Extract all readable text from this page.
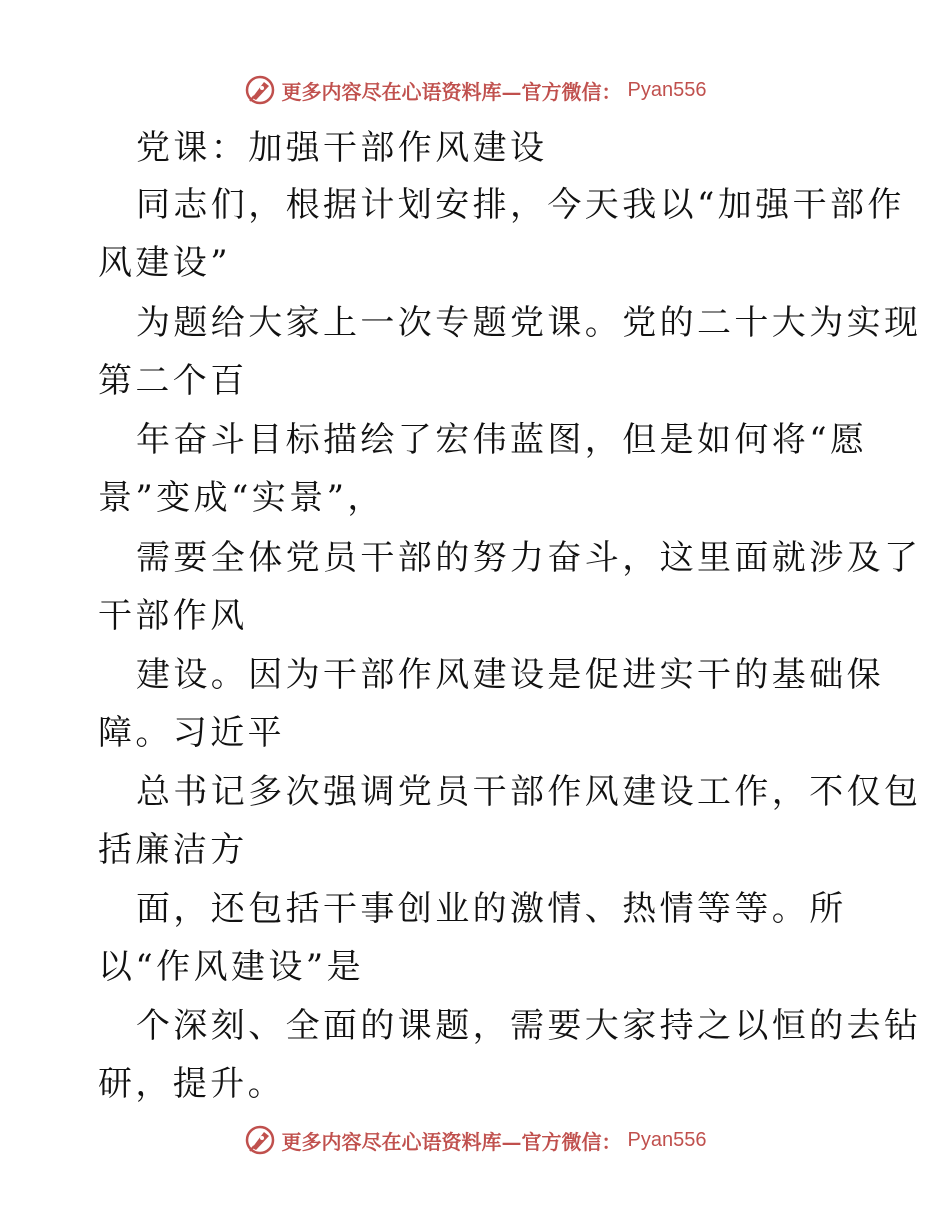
更多内容尽在心语资料库—官方微信： Pyan556
党课：加强干部作风建设
同志们，根据计划安排，今天我以“加强干部作
风建设”
为题给大家上一次专题党课。党的二十大为实现
第二个百
年奋斗目标描绘了宏伟蓝图，但是如何将“愿
景”变成“实景”，
需要全体党员干部的努力奋斗，这里面就涉及了
干部作风
建设。因为干部作风建设是促进实干的基础保
障。习近平
总书记多次强调党员干部作风建设工作，不仅包
括廉洁方
面，还包括干事创业的激情、热情等等。所
以“作风建设”是
个深刻、全面的课题，需要大家持之以恒的去钻
研，提升。
更多内容尽在心语资料库—官方微信： Pyan556
